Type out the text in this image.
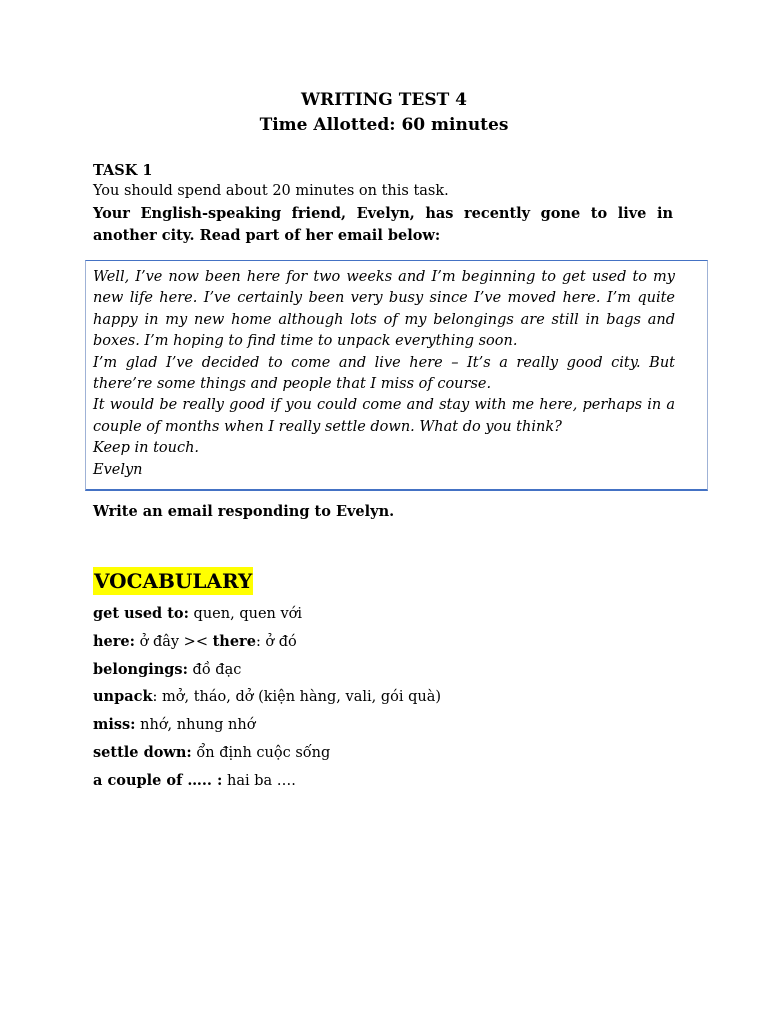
WRITING TEST 4
Time Allotted: 60 minutes
TASK 1
You should spend about 20 minutes on this task.
Your English-speaking friend, Evelyn, has recently gone to live in another city. Read part of her email below:

Well, I’ve now been here for two weeks and I’m beginning to get used to my new life here. I’ve certainly been very busy since I’ve moved here. I’m quite happy in my new home although lots of my belongings are still in bags and boxes. I’m hoping to find time to unpack everything soon.

I’m glad I’ve decided to come and live here – It’s a really good city. But there’re some things and people that I miss of course.

It would be really good if you could come and stay with me here, perhaps in a couple of months when I really settle down. What do you think?

Keep in touch.

Evelyn

Write an email responding to Evelyn.
VOCABULARY
get used to: quen, quen với
here: ở đây >< there: ở đó
belongings: đồ đạc
unpack: mở, tháo, dở (kiện hàng, vali, gói quà)
miss: nhớ, nhung nhớ
settle down: ổn định cuộc sống
a couple of ….. : hai ba ….
